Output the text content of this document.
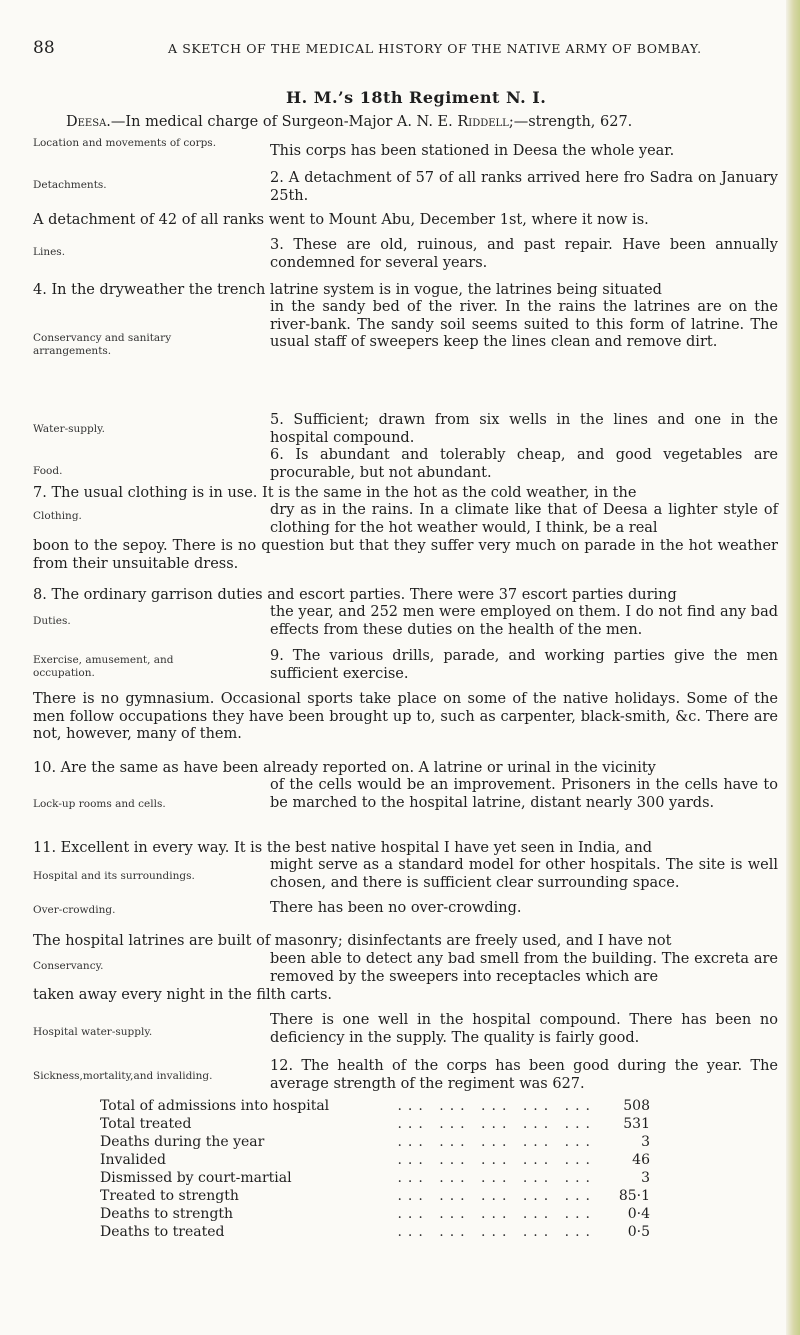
88	A SKETCH OF THE MEDICAL HISTORY OF THE NATIVE ARMY OF BOMBAY.
H. M.’s 18th Regiment N. I.
Deesa.—In medical charge of Surgeon-Major A. N. E. Riddell;—strength, 627.
Location and movements of corps.	This corps has been stationed in Deesa the whole year.
Detachments.	2. A detachment of 57 of all ranks arrived here fro Sadra on January 25th.
A detachment of 42 of all ranks went to Mount Abu, December 1st, where it now is.
Lines.	3. These are old, ruinous, and past repair. Have been annually condemned for several years.
4. In the dryweather the trench latrine system is in vogue, the latrines being situated
Conservancy and sanitary arrangements.
in the sandy bed of the river. In the rains the latrines are on the river-bank. The sandy soil seems suited to this form of latrine. The usual staff of sweepers keep the lines clean and remove dirt.
Water-supply.
5. Sufficient; drawn from six wells in the lines and one in the hospital compound.
Food.
6. Is abundant and tolerably cheap, and good vegetables are procurable, but not abundant.
7. The usual clothing is in use. It is the same in the hot as the cold weather, in the
Clothing.	dry as in the rains. In a climate like that of Deesa a lighter style of clothing for the hot weather would, I think, be a real
boon to the sepoy. There is no question but that they suffer very much on parade in the hot weather from their unsuitable dress.
8. The ordinary garrison duties and escort parties. There were 37 escort parties during
Duties.
the year, and 252 men were employed on them. I do not find any bad effects from these duties on the health of the men.
Exercise, amusement, and occupation.
9. The various drills, parade, and working parties give the men sufficient exercise.
There is no gymnasium. Occasional sports take place on some of the native holidays. Some of the men follow occupations they have been brought up to, such as carpenter, black-smith, &c. There are not, however, many of them.
10. Are the same as have been already reported on. A latrine or urinal in the vicinity
Lock-up rooms and cells.
of the cells would be an improvement. Prisoners in the cells have to be marched to the hospital latrine, distant nearly 300 yards.
11. Excellent in every way. It is the best native hospital I have yet seen in India, and
Hospital and its surroundings.
might serve as a standard model for other hospitals. The site is well chosen, and there is sufficient clear surrounding space.
Over-crowding.	There has been no over-crowding.
The hospital latrines are built of masonry; disinfectants are freely used, and I have not
Conservancy.	been able to detect any bad smell from the building. The excreta are removed by the sweepers into receptacles which are
taken away every night in the filth carts.
Hospital water-supply.
There is one well in the hospital compound. There has been no deficiency in the supply. The quality is fairly good.
Sickness,mortality,and invaliding.
12. The health of the corps has been good during the year. The average strength of the regiment was 627.
... ... ... ... ...
Total of admissions into hospital	508
... ... ... ... ...
Total treated	531
... ... ... ... ...
Deaths during the year	3
... ... ... ... ...
Invalided	46
... ... ... ... ...
Dismissed by court-martial	3
... ... ... ... ...
Treated to strength	85·1
... ... ... ... ...
Deaths to strength	0·4
... ... ... ... ...
Deaths to treated	0·5
